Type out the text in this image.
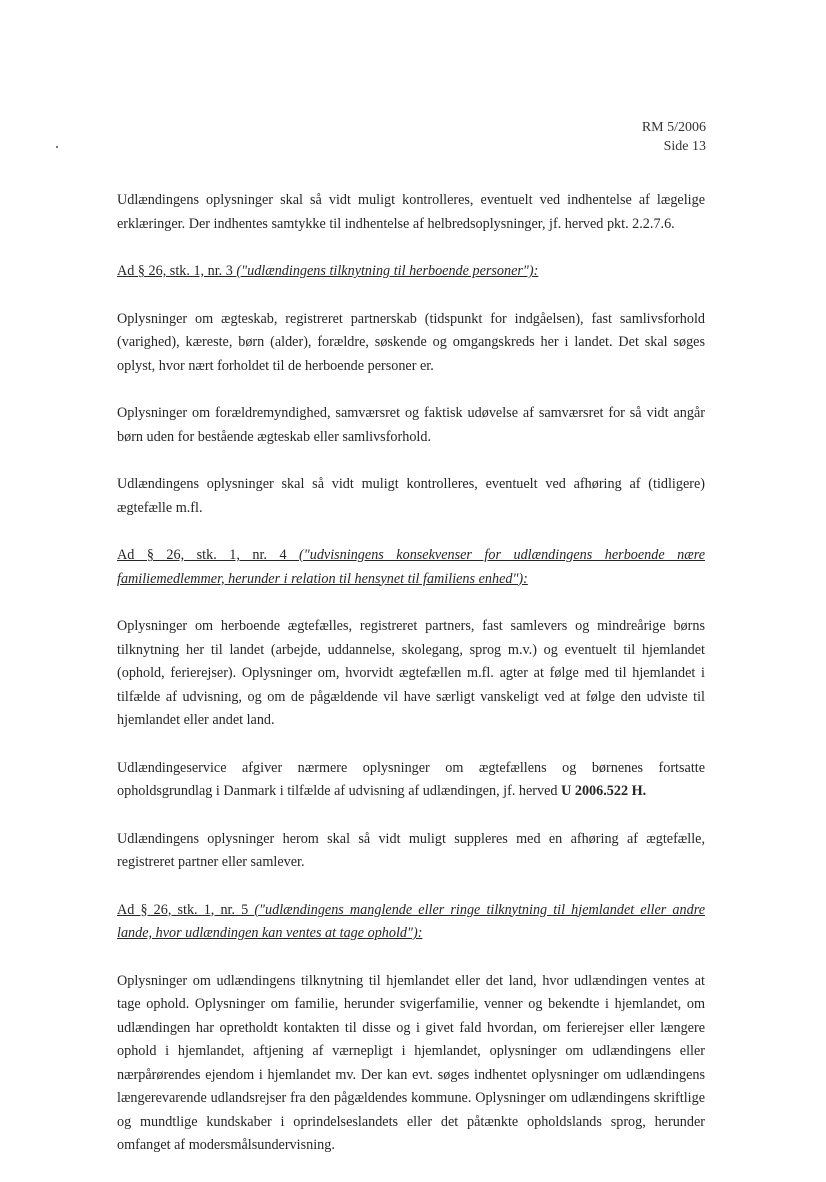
RM 5/2006
Side 13

Udlændingens oplysninger skal så vidt muligt kontrolleres, eventuelt ved indhentelse af lægelige erklæringer. Der indhentes samtykke til indhentelse af helbredsoplysninger, jf. herved pkt. 2.2.7.6.

Ad § 26, stk. 1, nr. 3 ("udlændingens tilknytning til herboende personer"):

Oplysninger om ægteskab, registreret partnerskab (tidspunkt for indgåelsen), fast samlivsforhold (varighed), kæreste, børn (alder), forældre, søskende og omgangskreds her i landet. Det skal søges oplyst, hvor nært forholdet til de herboende personer er.

Oplysninger om forældremyndighed, samværsret og faktisk udøvelse af samværsret for så vidt angår børn uden for bestående ægteskab eller samlivsforhold.

Udlændingens oplysninger skal så vidt muligt kontrolleres, eventuelt ved afhøring af (tidligere) ægtefælle m.fl.

Ad § 26, stk. 1, nr. 4 ("udvisningens konsekvenser for udlændingens herboende nære familiemedlemmer, herunder i relation til hensynet til familiens enhed"):

Oplysninger om herboende ægtefælles, registreret partners, fast samlevers og mindreårige børns tilknytning her til landet (arbejde, uddannelse, skolegang, sprog m.v.) og eventuelt til hjemlandet (ophold, ferierejser). Oplysninger om, hvorvidt ægtefællen m.fl. agter at følge med til hjemlandet i tilfælde af udvisning, og om de pågældende vil have særligt vanskeligt ved at følge den udviste til hjemlandet eller andet land.

Udlændingeservice afgiver nærmere oplysninger om ægtefællens og børnenes fortsatte opholdsgrundlag i Danmark i tilfælde af udvisning af udlændingen, jf. herved U 2006.522 H.

Udlændingens oplysninger herom skal så vidt muligt suppleres med en afhøring af ægtefælle, registreret partner eller samlever.

Ad § 26, stk. 1, nr. 5 ("udlændingens manglende eller ringe tilknytning til hjemlandet eller andre lande, hvor udlændingen kan ventes at tage ophold"):

Oplysninger om udlændingens tilknytning til hjemlandet eller det land, hvor udlændingen ventes at tage ophold. Oplysninger om familie, herunder svigerfamilie, venner og bekendte i hjemlandet, om udlændingen har opretholdt kontakten til disse og i givet fald hvordan, om ferierejser eller længere ophold i hjemlandet, aftjening af værnepligt i hjemlandet, oplysninger om udlændingens eller nærpårørendes ejendom i hjemlandet mv. Der kan evt. søges indhentet oplysninger om udlændingens længerevarende udlandsrejser fra den pågældendes kommune. Oplysninger om udlændingens skriftlige og mundtlige kundskaber i oprindelseslandets eller det påtænkte opholdslands sprog, herunder omfanget af modersmålsundervisning.
